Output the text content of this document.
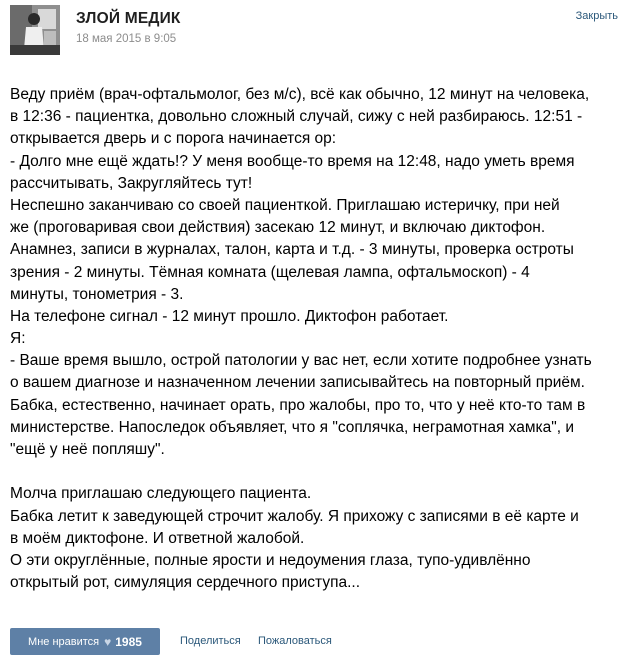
ЗЛОЙ МЕДИК
18 мая 2015 в 9:05
Закрыть
Веду приём (врач-офтальмолог, без м/с), всё как обычно, 12 минут на человека,
в 12:36 - пациентка, довольно сложный случай, сижу с ней разбираюсь. 12:51 -
открывается дверь и с порога начинается ор:
- Долго мне ещё ждать!? У меня вообще-то время на 12:48, надо уметь время
рассчитывать, Закругляйтесь тут!
Неспешно заканчиваю со своей пациенткой. Приглашаю истеричку, при ней
же (проговаривая свои действия) засекаю 12 минут, и включаю диктофон.
Анамнез, записи в журналах, талон, карта и т.д. - 3 минуты, проверка остроты
зрения - 2 минуты. Тёмная комната (щелевая лампа, офтальмоскоп) - 4
минуты, тонометрия - 3.
На телефоне сигнал - 12 минут прошло. Диктофон работает.
Я:
- Ваше время вышло, острой патологии у вас нет, если хотите подробнее узнать
о вашем диагнозе и назначенном лечении записывайтесь на повторный приём.
Бабка, естественно, начинает орать, про жалобы, про то, что у неё кто-то там в
министерстве. Напоследок объявляет, что я "соплячка, неграмотная хамка", и
"ещё у неё попляшу".
Молча приглашаю следующего пациента.
Бабка летит к заведующей строчит жалобу. Я прихожу с записями в её карте и
в моём диктофоне. И ответной жалобой.
О эти округлённые, полные ярости и недоумения глаза, тупо-удивлённо
открытый рот, симуляция сердечного приступа...
Мне нравится ♥ 1985	Поделиться Пожаловаться
